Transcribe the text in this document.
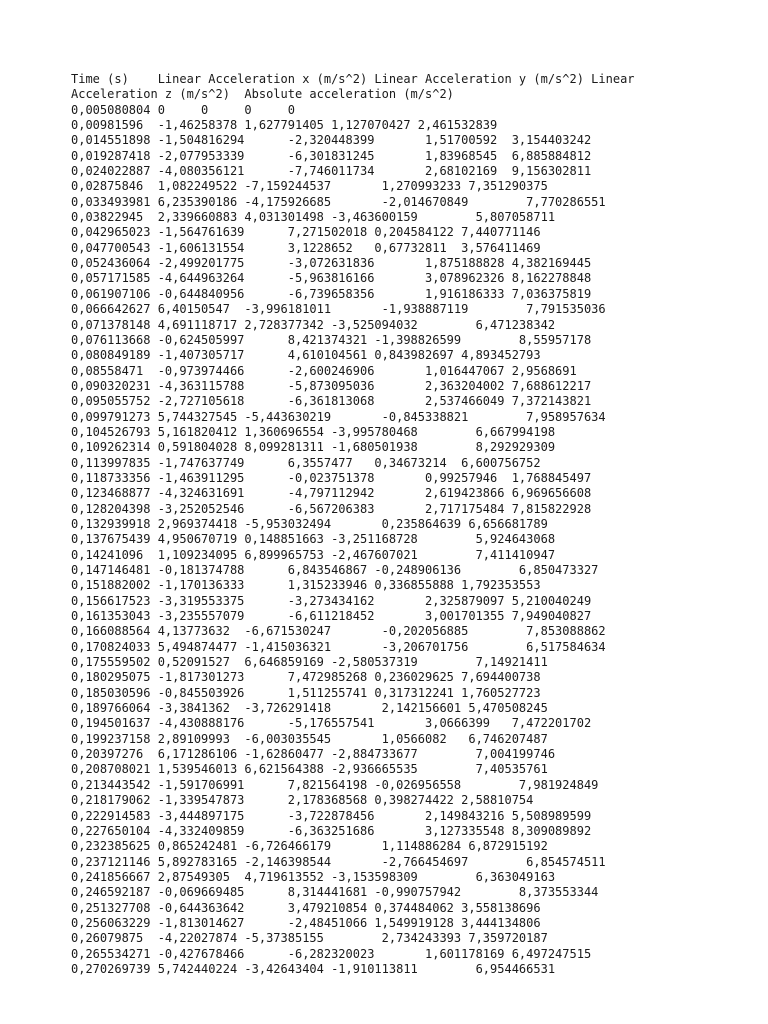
Time (s)    Linear Acceleration x (m/s^2) Linear Acceleration y (m/s^2) Linear
Acceleration z (m/s^2)  Absolute acceleration (m/s^2)
0,005080804 0     0     0     0
0,00981596  -1,46258378 1,627791405 1,127070427 2,461532839
0,014551898 -1,504816294      -2,320448399       1,51700592  3,154403242
0,019287418 -2,077953339      -6,301831245       1,83968545  6,885884812
0,024022887 -4,080356121      -7,746011734       2,68102169  9,156302811
0,02875846  1,082249522 -7,159244537       1,270993233 7,351290375
0,033493981 6,235390186 -4,175926685       -2,014670849        7,770286551
0,03822945  2,339660883 4,031301498 -3,463600159        5,807058711
0,042965023 -1,564761639      7,271502018 0,204584122 7,440771146
0,047700543 -1,606131554      3,1228652   0,67732811  3,576411469
0,052436064 -2,499201775      -3,072631836       1,875188828 4,382169445
0,057171585 -4,644963264      -5,963816166       3,078962326 8,162278848
0,061907106 -0,644840956      -6,739658356       1,916186333 7,036375819
0,066642627 6,40150547  -3,996181011       -1,938887119        7,791535036
0,071378148 4,691118717 2,728377342 -3,525094032        6,471238342
0,076113668 -0,624505997      8,421374321 -1,398826599        8,55957178
0,080849189 -1,407305717      4,610104561 0,843982697 4,893452793
0,08558471  -0,973974466      -2,600246906       1,016447067 2,9568691
0,090320231 -4,363115788      -5,873095036       2,363204002 7,688612217
0,095055752 -2,727105618      -6,361813068       2,537466049 7,372143821
0,099791273 5,744327545 -5,443630219       -0,845338821        7,958957634
0,104526793 5,161820412 1,360696554 -3,995780468        6,667994198
0,109262314 0,591804028 8,099281311 -1,680501938        8,292929309
0,113997835 -1,747637749      6,3557477   0,34673214  6,600756752
0,118733356 -1,463911295      -0,023751378       0,99257946  1,768845497
0,123468877 -4,324631691      -4,797112942       2,619423866 6,969656608
0,128204398 -3,252052546      -6,567206383       2,717175484 7,815822928
0,132939918 2,969374418 -5,953032494       0,235864639 6,656681789
0,137675439 4,950670719 0,148851663 -3,251168728        5,924643068
0,14241096  1,109234095 6,899965753 -2,467607021        7,411410947
0,147146481 -0,181374788      6,843546867 -0,248906136        6,850473327
0,151882002 -1,170136333      1,315233946 0,336855888 1,792353553
0,156617523 -3,319553375      -3,273434162       2,325879097 5,210040249
0,161353043 -3,235557079      -6,611218452       3,001701355 7,949040827
0,166088564 4,13773632  -6,671530247       -0,202056885        7,853088862
0,170824033 5,494874477 -1,415036321       -3,206701756        6,517584634
0,175559502 0,52091527  6,646859169 -2,580537319        7,14921411
0,180295075 -1,817301273      7,472985268 0,236029625 7,694400738
0,185030596 -0,845503926      1,511255741 0,317312241 1,760527723
0,189766064 -3,3841362  -3,726291418       2,142156601 5,470508245
0,194501637 -4,430888176      -5,176557541       3,0666399   7,472201702
0,199237158 2,89109993  -6,003035545       1,0566082   6,746207487
0,20397276  6,171286106 -1,62860477 -2,884733677        7,004199746
0,208708021 1,539546013 6,621564388 -2,936665535        7,40535761
0,213443542 -1,591706991      7,821564198 -0,026956558        7,981924849
0,218179062 -1,339547873      2,178368568 0,398274422 2,58810754
0,222914583 -3,444897175      -3,722878456       2,149843216 5,508989599
0,227650104 -4,332409859      -6,363251686       3,127335548 8,309089892
0,232385625 0,865242481 -6,726466179       1,114886284 6,872915192
0,237121146 5,892783165 -2,146398544       -2,766454697        6,854574511
0,241856667 2,87549305  4,719613552 -3,153598309        6,363049163
0,246592187 -0,069669485      8,314441681 -0,990757942        8,373553344
0,251327708 -0,644363642      3,479210854 0,374484062 3,558138696
0,256063229 -1,813014627      -2,48451066 1,549919128 3,444134806
0,26079875  -4,22027874 -5,37385155        2,734243393 7,359720187
0,265534271 -0,427678466      -6,282320023       1,601178169 6,497247515
0,270269739 5,742440224 -3,42643404 -1,910113811        6,954466531
